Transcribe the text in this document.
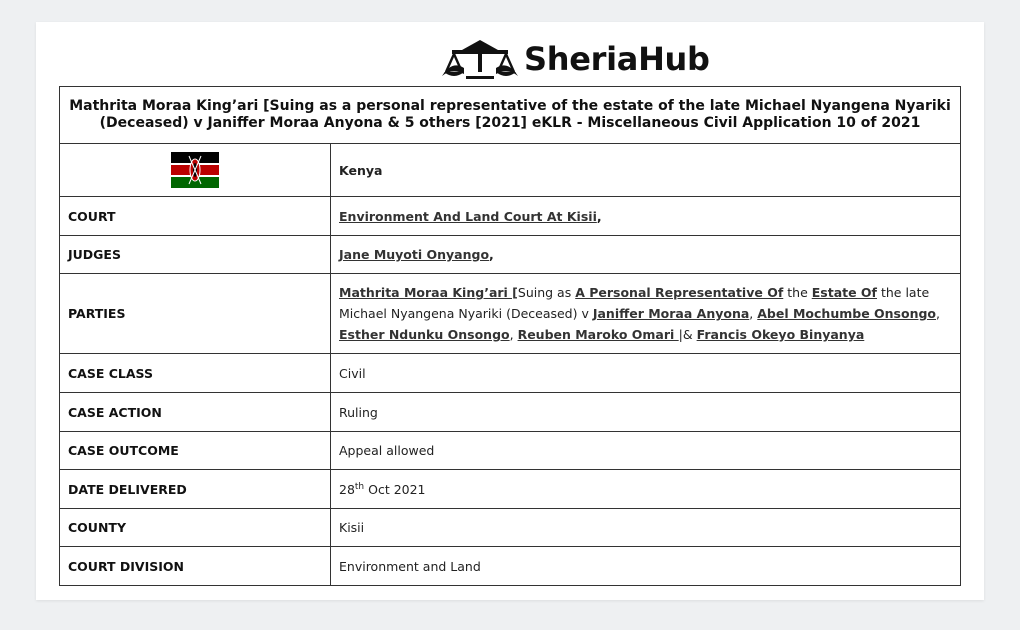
SheriaHub
Mathrita Moraa King’ari [Suing as a personal representative of the estate of the late Michael Nyangena Nyariki (Deceased) v Janiffer Moraa Anyona & 5 others [2021] eKLR - Miscellaneous Civil Application 10 of 2021	
	Kenya
COURT	Environment And Land Court At Kisii,
JUDGES	Jane Muyoti Onyango,
PARTIES	Mathrita Moraa King’ari [Suing as A Personal Representative Of the Estate Of the late Michael Nyangena Nyariki (Deceased) v Janiffer Moraa Anyona, Abel Mochumbe Onsongo, Esther Ndunku Onsongo, Reuben Maroko Omari |& Francis Okeyo Binyanya
CASE CLASS	Civil
CASE ACTION	Ruling
CASE OUTCOME	Appeal allowed
DATE DELIVERED	28th Oct 2021
COUNTY	Kisii
COURT DIVISION	Environment and Land
